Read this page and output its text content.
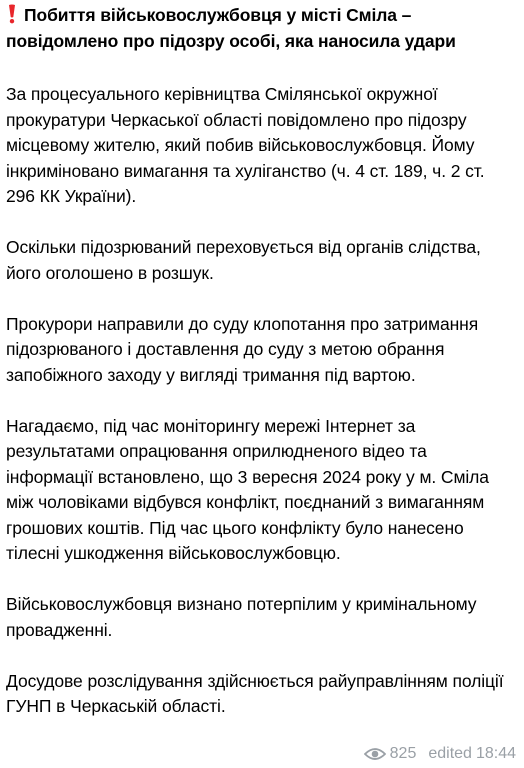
Побиття військовослужбовця у місті Сміла – повідомлено про підозру особі, яка наносила удари

За процесуального керівництва Смілянської окружної прокуратури Черкаської області повідомлено про підозру місцевому жителю, який побив військовослужбовця. Йому інкриміновано вимагання та хуліганство (ч. 4 ст. 189, ч. 2 ст. 296 КК України).

Оскільки підозрюваний переховується від органів слідства, його оголошено в розшук.

Прокурори направили до суду клопотання про затримання підозрюваного і доставлення до суду з метою обрання запобіжного заходу у вигляді тримання під вартою.

Нагадаємо, під час моніторингу мережі Інтернет за результатами опрацювання оприлюдненого відео та інформації встановлено, що 3 вересня 2024 року у м. Сміла між чоловіками відбувся конфлікт, поєднаний з вимаганням грошових коштів. Під час цього конфлікту було нанесено тілесні ушкодження військовослужбовцю.

Військовослужбовця визнано потерпілим у кримінальному провадженні.

Досудове розслідування здійснюється райуправлінням поліції ГУНП в Черкаській області.

825 edited 18:44
